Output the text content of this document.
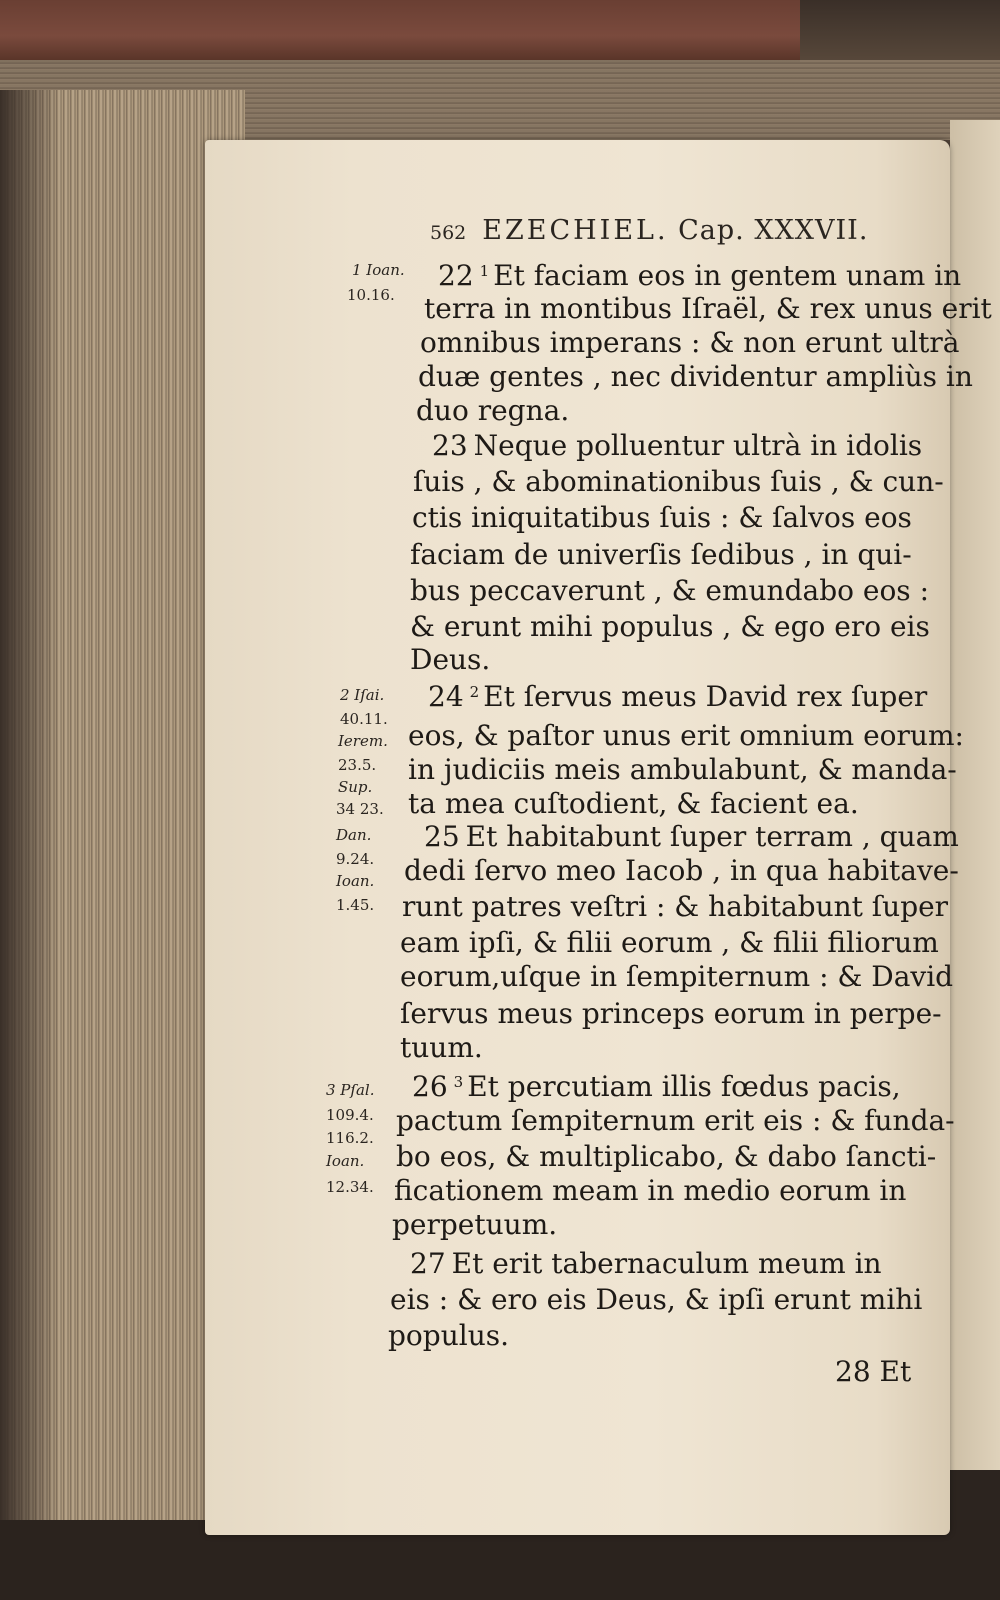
562 EZECHIEL. Cap. XXXVII.
22 $^1$ Et faciam eos in gentem unam in
terra in montibus Iſraël, & rex unus erit
omnibus imperans : & non erunt ultrà
duæ gentes , nec dividentur ampliùs in
duo regna.
23 Neque polluentur ultrà in idolis
ſuis , & abominationibus ſuis , & cun-
ctis iniquitatibus ſuis : & ſalvos eos
faciam de univerſis ſedibus , in qui-
bus peccaverunt , & emundabo eos :
& erunt mihi populus , & ego ero eis
Deus.
24 $^2$ Et ſervus meus David rex ſuper
eos, & paſtor unus erit omnium eorum:
in judiciis meis ambulabunt, & manda-
ta mea cuſtodient, & facient ea.
25 Et habitabunt ſuper terram , quam
dedi ſervo meo Iacob , in qua habitave-
runt patres veſtri : & habitabunt ſuper
eam ipſi, & filii eorum , & filii filiorum
eorum,uſque in ſempiternum : & David
ſervus meus princeps eorum in perpe-
tuum.
26 $^3$ Et percutiam illis fœdus pacis,
pactum ſempiternum erit eis : & funda-
bo eos, & multiplicabo, & dabo ſancti-
ficationem meam in medio eorum in
perpetuum.
27 Et erit tabernaculum meum in
eis : & ero eis Deus, & ipſi erunt mihi
populus.
1 Ioan.
10.16.
2 Iſai.
40.11.
Ierem.
23.5.
Sup.
34 23.
Dan.
9.24.
Ioan.
1.45.
3 Pſal.
109.4.
116.2.
Ioan.
12.34.
28 Et
